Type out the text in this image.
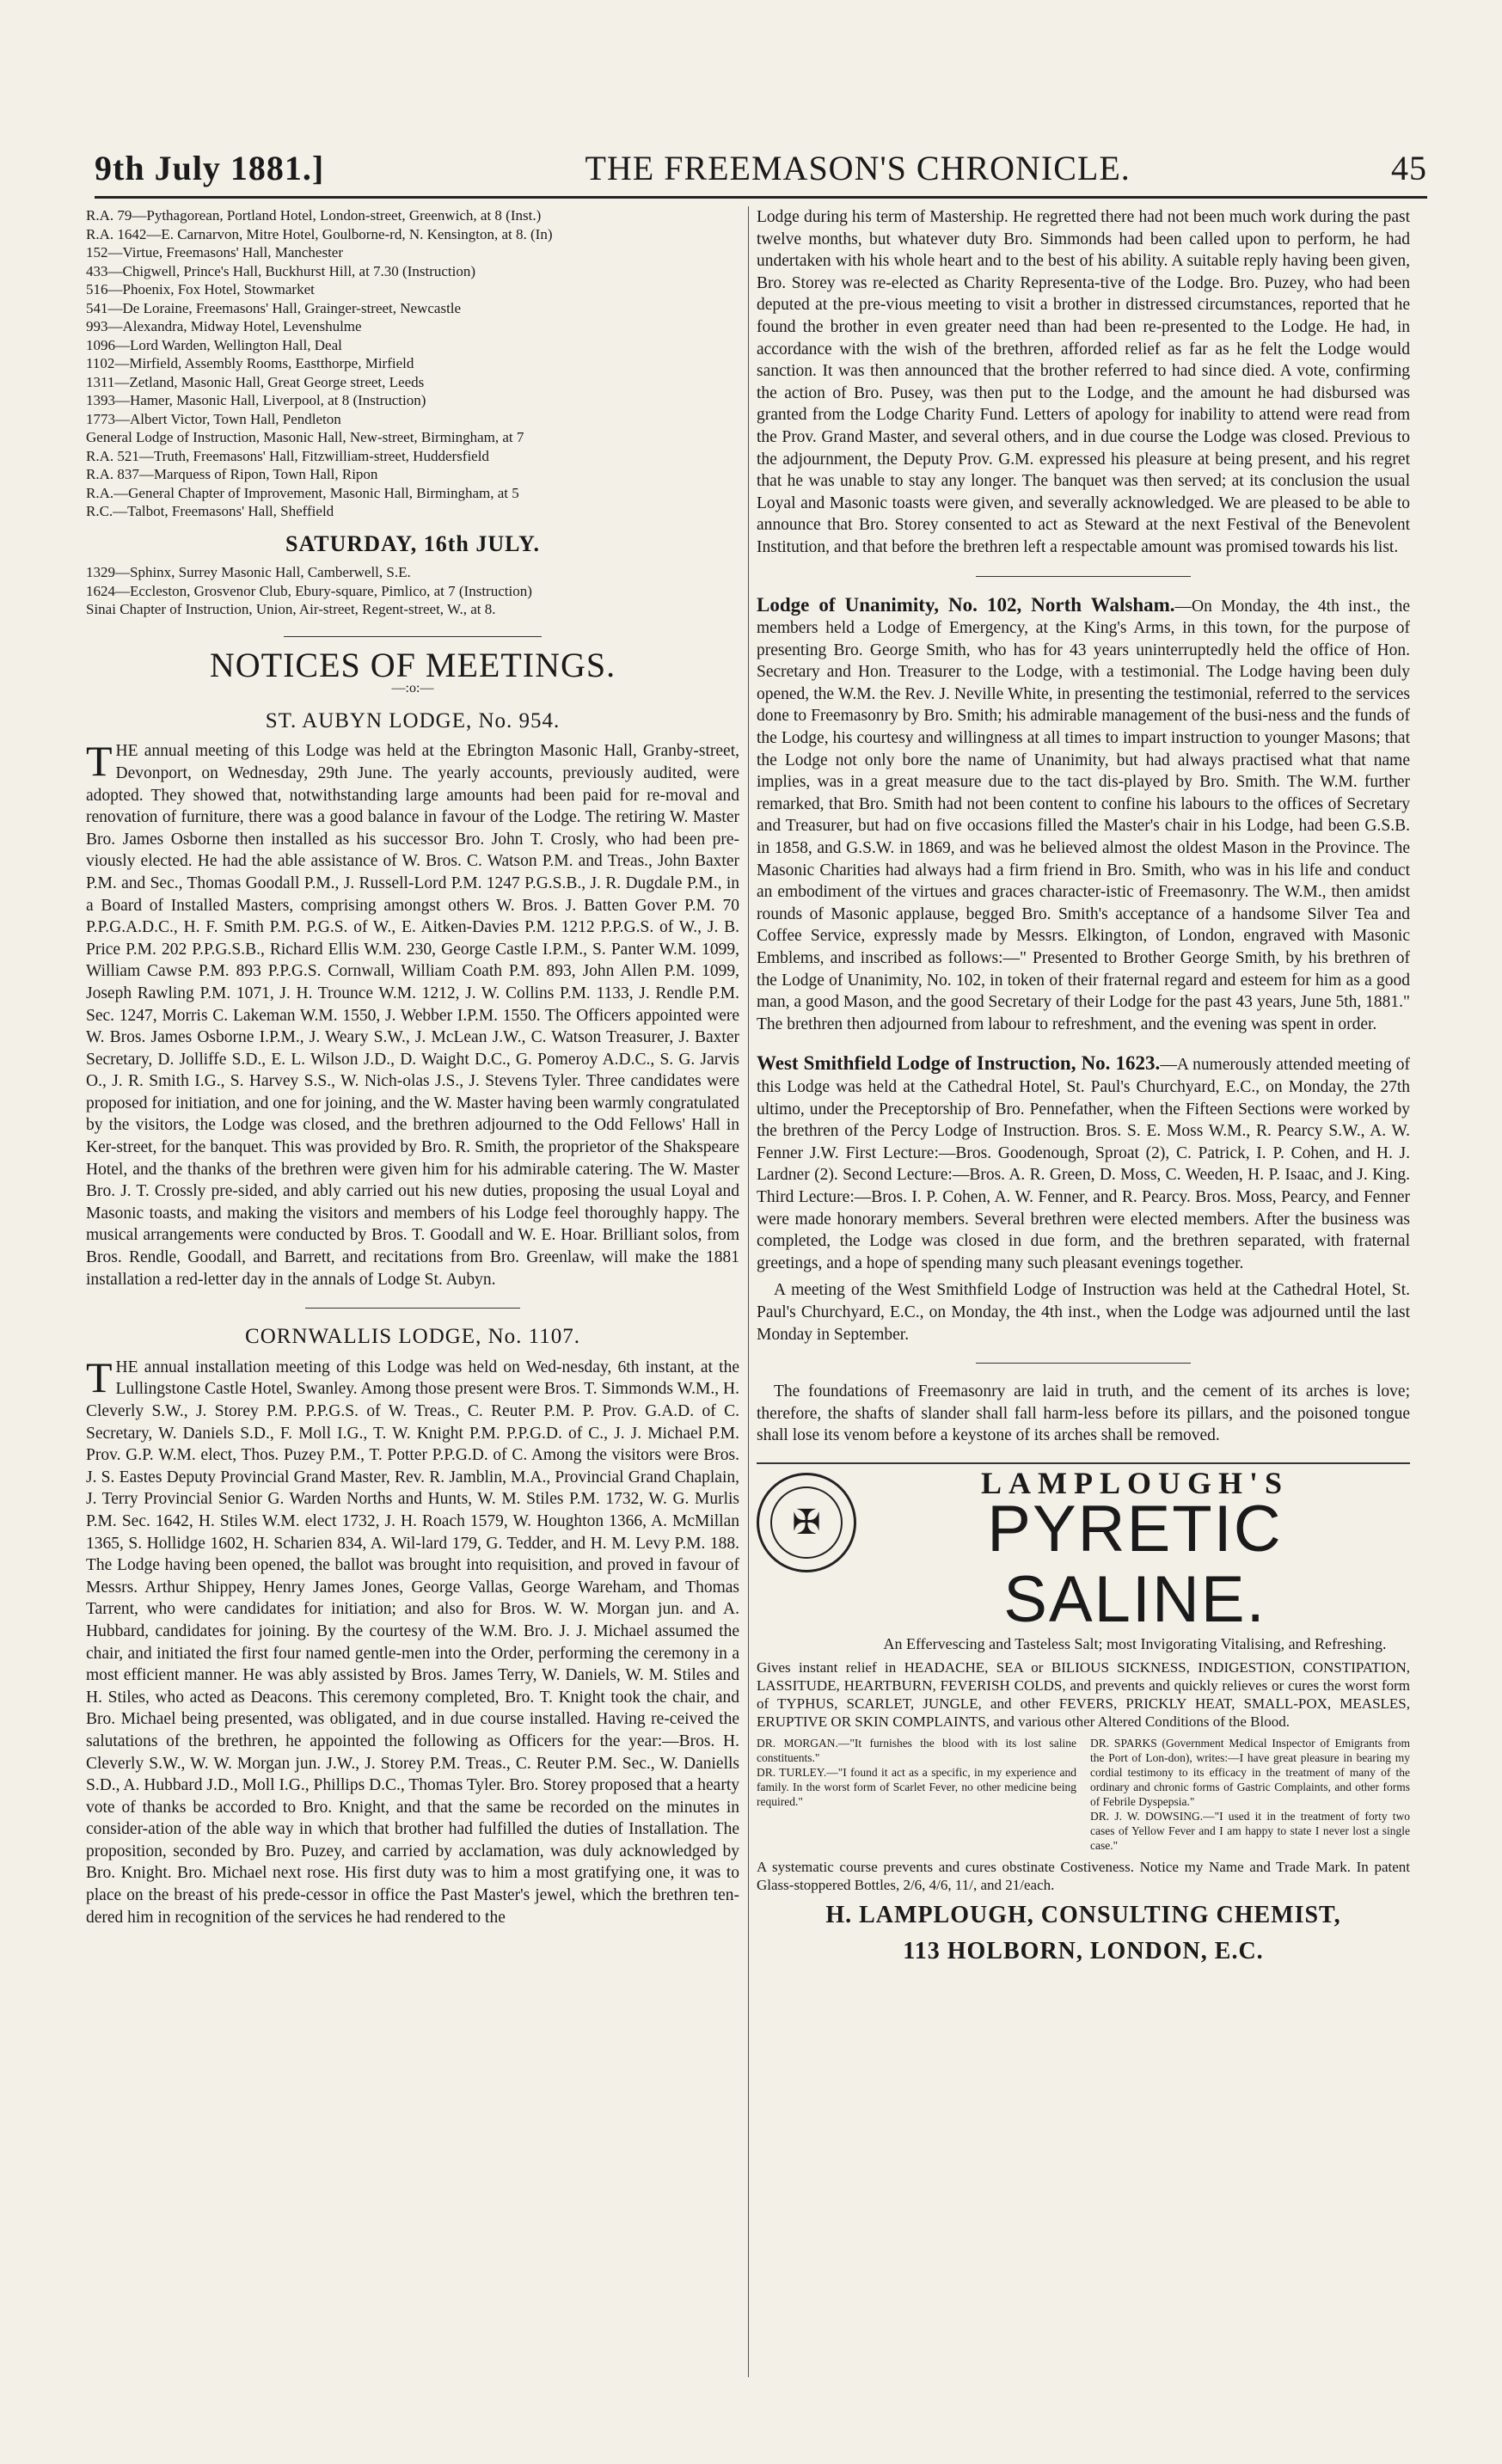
9th July 1881.]	THE FREEMASON'S CHRONICLE.	45
R.A. 79—Pythagorean, Portland Hotel, London-street, Greenwich, at 8 (Inst.)
R.A. 1642—E. Carnarvon, Mitre Hotel, Goulborne-rd, N. Kensington, at 8. (In)
152—Virtue, Freemasons' Hall, Manchester
433—Chigwell, Prince's Hall, Buckhurst Hill, at 7.30 (Instruction)
516—Phoenix, Fox Hotel, Stowmarket
541—De Loraine, Freemasons' Hall, Grainger-street, Newcastle
993—Alexandra, Midway Hotel, Levenshulme
1096—Lord Warden, Wellington Hall, Deal
1102—Mirfield, Assembly Rooms, Eastthorpe, Mirfield
1311—Zetland, Masonic Hall, Great George street, Leeds
1393—Hamer, Masonic Hall, Liverpool, at 8 (Instruction)
1773—Albert Victor, Town Hall, Pendleton
General Lodge of Instruction, Masonic Hall, New-street, Birmingham, at 7
R.A. 521—Truth, Freemasons' Hall, Fitzwilliam-street, Huddersfield
R.A. 837—Marquess of Ripon, Town Hall, Ripon
R.A.—General Chapter of Improvement, Masonic Hall, Birmingham, at 5
R.C.—Talbot, Freemasons' Hall, Sheffield
SATURDAY, 16th JULY.
1329—Sphinx, Surrey Masonic Hall, Camberwell, S.E.
1624—Eccleston, Grosvenor Club, Ebury-square, Pimlico, at 7 (Instruction)
Sinai Chapter of Instruction, Union, Air-street, Regent-street, W., at 8.
NOTICES OF MEETINGS.
—:o:—
ST. AUBYN LODGE, No. 954.

THE annual meeting of this Lodge was held at the Ebrington Masonic Hall, Granby-street, Devonport, on Wednesday, 29th June. The yearly accounts, previously audited, were adopted. They showed that, notwithstanding large amounts had been paid for re-moval and renovation of furniture, there was a good balance in favour of the Lodge. The retiring W. Master Bro. James Osborne then installed as his successor Bro. John T. Crosly, who had been pre-viously elected. He had the able assistance of W. Bros. C. Watson P.M. and Treas., John Baxter P.M. and Sec., Thomas Goodall P.M., J. Russell-Lord P.M. 1247 P.G.S.B., J. R. Dugdale P.M., in a Board of Installed Masters, comprising amongst others W. Bros. J. Batten Gover P.M. 70 P.P.G.A.D.C., H. F. Smith P.M. P.G.S. of W., E. Aitken-Davies P.M. 1212 P.P.G.S. of W., J. B. Price P.M. 202 P.P.G.S.B., Richard Ellis W.M. 230, George Castle I.P.M., S. Panter W.M. 1099, William Cawse P.M. 893 P.P.G.S. Cornwall, William Coath P.M. 893, John Allen P.M. 1099, Joseph Rawling P.M. 1071, J. H. Trounce W.M. 1212, J. W. Collins P.M. 1133, J. Rendle P.M. Sec. 1247, Morris C. Lakeman W.M. 1550, J. Webber I.P.M. 1550. The Officers appointed were W. Bros. James Osborne I.P.M., J. Weary S.W., J. McLean J.W., C. Watson Treasurer, J. Baxter Secretary, D. Jolliffe S.D., E. L. Wilson J.D., D. Waight D.C., G. Pomeroy A.D.C., S. G. Jarvis O., J. R. Smith I.G., S. Harvey S.S., W. Nich-olas J.S., J. Stevens Tyler. Three candidates were proposed for initiation, and one for joining, and the W. Master having been warmly congratulated by the visitors, the Lodge was closed, and the brethren adjourned to the Odd Fellows' Hall in Ker-street, for the banquet. This was provided by Bro. R. Smith, the proprietor of the Shakspeare Hotel, and the thanks of the brethren were given him for his admirable catering. The W. Master Bro. J. T. Crossly pre-sided, and ably carried out his new duties, proposing the usual Loyal and Masonic toasts, and making the visitors and members of his Lodge feel thoroughly happy. The musical arrangements were conducted by Bros. T. Goodall and W. E. Hoar. Brilliant solos, from Bros. Rendle, Goodall, and Barrett, and recitations from Bro. Greenlaw, will make the 1881 installation a red-letter day in the annals of Lodge St. Aubyn.

CORNWALLIS LODGE, No. 1107.

THE annual installation meeting of this Lodge was held on Wed-nesday, 6th instant, at the Lullingstone Castle Hotel, Swanley. Among those present were Bros. T. Simmonds W.M., H. Cleverly S.W., J. Storey P.M. P.P.G.S. of W. Treas., C. Reuter P.M. P. Prov. G.A.D. of C. Secretary, W. Daniels S.D., F. Moll I.G., T. W. Knight P.M. P.P.G.D. of C., J. J. Michael P.M. Prov. G.P. W.M. elect, Thos. Puzey P.M., T. Potter P.P.G.D. of C. Among the visitors were Bros. J. S. Eastes Deputy Provincial Grand Master, Rev. R. Jamblin, M.A., Provincial Grand Chaplain, J. Terry Provincial Senior G. Warden Norths and Hunts, W. M. Stiles P.M. 1732, W. G. Murlis P.M. Sec. 1642, H. Stiles W.M. elect 1732, J. H. Roach 1579, W. Houghton 1366, A. McMillan 1365, S. Hollidge 1602, H. Scharien 834, A. Wil-lard 179, G. Tedder, and H. M. Levy P.M. 188. The Lodge having been opened, the ballot was brought into requisition, and proved in favour of Messrs. Arthur Shippey, Henry James Jones, George Vallas, George Wareham, and Thomas Tarrent, who were candidates for initiation; and also for Bros. W. W. Morgan jun. and A. Hubbard, candidates for joining. By the courtesy of the W.M. Bro. J. J. Michael assumed the chair, and initiated the first four named gentle-men into the Order, performing the ceremony in a most efficient manner. He was ably assisted by Bros. James Terry, W. Daniels, W. M. Stiles and H. Stiles, who acted as Deacons. This ceremony completed, Bro. T. Knight took the chair, and Bro. Michael being presented, was obligated, and in due course installed. Having re-ceived the salutations of the brethren, he appointed the following as Officers for the year:—Bros. H. Cleverly S.W., W. W. Morgan jun. J.W., J. Storey P.M. Treas., C. Reuter P.M. Sec., W. Daniells S.D., A. Hubbard J.D., Moll I.G., Phillips D.C., Thomas Tyler. Bro. Storey proposed that a hearty vote of thanks be accorded to Bro. Knight, and that the same be recorded on the minutes in consider-ation of the able way in which that brother had fulfilled the duties of Installation. The proposition, seconded by Bro. Puzey, and carried by acclamation, was duly acknowledged by Bro. Knight. Bro. Michael next rose. His first duty was to him a most gratifying one, it was to place on the breast of his prede-cessor in office the Past Master's jewel, which the brethren ten-dered him in recognition of the services he had rendered to the

Lodge during his term of Mastership. He regretted there had not been much work during the past twelve months, but whatever duty Bro. Simmonds had been called upon to perform, he had undertaken with his whole heart and to the best of his ability. A suitable reply having been given, Bro. Storey was re-elected as Charity Representa-tive of the Lodge. Bro. Puzey, who had been deputed at the pre-vious meeting to visit a brother in distressed circumstances, reported that he found the brother in even greater need than had been re-presented to the Lodge. He had, in accordance with the wish of the brethren, afforded relief as far as he felt the Lodge would sanction. It was then announced that the brother referred to had since died. A vote, confirming the action of Bro. Pusey, was then put to the Lodge, and the amount he had disbursed was granted from the Lodge Charity Fund. Letters of apology for inability to attend were read from the Prov. Grand Master, and several others, and in due course the Lodge was closed. Previous to the adjournment, the Deputy Prov. G.M. expressed his pleasure at being present, and his regret that he was unable to stay any longer. The banquet was then served; at its conclusion the usual Loyal and Masonic toasts were given, and severally acknowledged. We are pleased to be able to announce that Bro. Storey consented to act as Steward at the next Festival of the Benevolent Institution, and that before the brethren left a respectable amount was promised towards his list.

Lodge of Unanimity, No. 102, North Walsham.—On Monday, the 4th inst., the members held a Lodge of Emergency, at the King's Arms, in this town, for the purpose of presenting Bro. George Smith, who has for 43 years uninterruptedly held the office of Hon. Secretary and Hon. Treasurer to the Lodge, with a testimonial. The Lodge having been duly opened, the W.M. the Rev. J. Neville White, in presenting the testimonial, referred to the services done to Freemasonry by Bro. Smith; his admirable management of the busi-ness and the funds of the Lodge, his courtesy and willingness at all times to impart instruction to younger Masons; that the Lodge not only bore the name of Unanimity, but had always practised what that name implies, was in a great measure due to the tact dis-played by Bro. Smith. The W.M. further remarked, that Bro. Smith had not been content to confine his labours to the offices of Secretary and Treasurer, but had on five occasions filled the Master's chair in his Lodge, had been G.S.B. in 1858, and G.S.W. in 1869, and was he believed almost the oldest Mason in the Province. The Masonic Charities had always had a firm friend in Bro. Smith, who was in his life and conduct an embodiment of the virtues and graces character-istic of Freemasonry. The W.M., then amidst rounds of Masonic applause, begged Bro. Smith's acceptance of a handsome Silver Tea and Coffee Service, expressly made by Messrs. Elkington, of London, engraved with Masonic Emblems, and inscribed as follows:—" Presented to Brother George Smith, by his brethren of the Lodge of Unanimity, No. 102, in token of their fraternal regard and esteem for him as a good man, a good Mason, and the good Secretary of their Lodge for the past 43 years, June 5th, 1881." The brethren then adjourned from labour to refreshment, and the evening was spent in order.

West Smithfield Lodge of Instruction, No. 1623.—A numerously attended meeting of this Lodge was held at the Cathedral Hotel, St. Paul's Churchyard, E.C., on Monday, the 27th ultimo, under the Preceptorship of Bro. Pennefather, when the Fifteen Sections were worked by the brethren of the Percy Lodge of Instruction. Bros. S. E. Moss W.M., R. Pearcy S.W., A. W. Fenner J.W. First Lecture:—Bros. Goodenough, Sproat (2), C. Patrick, I. P. Cohen, and H. J. Lardner (2). Second Lecture:—Bros. A. R. Green, D. Moss, C. Weeden, H. P. Isaac, and J. King. Third Lecture:—Bros. I. P. Cohen, A. W. Fenner, and R. Pearcy. Bros. Moss, Pearcy, and Fenner were made honorary members. Several brethren were elected members. After the business was completed, the Lodge was closed in due form, and the brethren separated, with fraternal greetings, and a hope of spending many such pleasant evenings together.

A meeting of the West Smithfield Lodge of Instruction was held at the Cathedral Hotel, St. Paul's Churchyard, E.C., on Monday, the 4th inst., when the Lodge was adjourned until the last Monday in September.

The foundations of Freemasonry are laid in truth, and the cement of its arches is love; therefore, the shafts of slander shall fall harm-less before its pillars, and the poisoned tongue shall lose its venom before a keystone of its arches shall be removed.

✠
LAMPLOUGH'S
PYRETIC SALINE.
An Effervescing and Tasteless Salt; most Invigorating Vitalising, and Refreshing.
Gives instant relief in HEADACHE, SEA or BILIOUS SICKNESS, INDIGESTION, CONSTIPATION, LASSITUDE, HEARTBURN, FEVERISH COLDS, and prevents and quickly relieves or cures the worst form of TYPHUS, SCARLET, JUNGLE, and other FEVERS, PRICKLY HEAT, SMALL-POX, MEASLES, ERUPTIVE OR SKIN COMPLAINTS, and various other Altered Conditions of the Blood.
DR. MORGAN.—"It furnishes the blood with its lost saline constituents."
DR. TURLEY.—"I found it act as a specific, in my experience and family. In the worst form of Scarlet Fever, no other medicine being required."
DR. SPARKS (Government Medical Inspector of Emigrants from the Port of Lon-don), writes:—I have great pleasure in bearing my cordial testimony to its efficacy in the treatment of many of the ordinary and chronic forms of Gastric Complaints, and other forms of Febrile Dyspepsia."
DR. J. W. DOWSING.—"I used it in the treatment of forty two cases of Yellow Fever and I am happy to state I never lost a single case."
A systematic course prevents and cures obstinate Costiveness. Notice my Name and Trade Mark. In patent Glass-stoppered Bottles, 2/6, 4/6, 11/, and 21/each.
H. LAMPLOUGH, CONSULTING CHEMIST,
113 HOLBORN, LONDON, E.C.
